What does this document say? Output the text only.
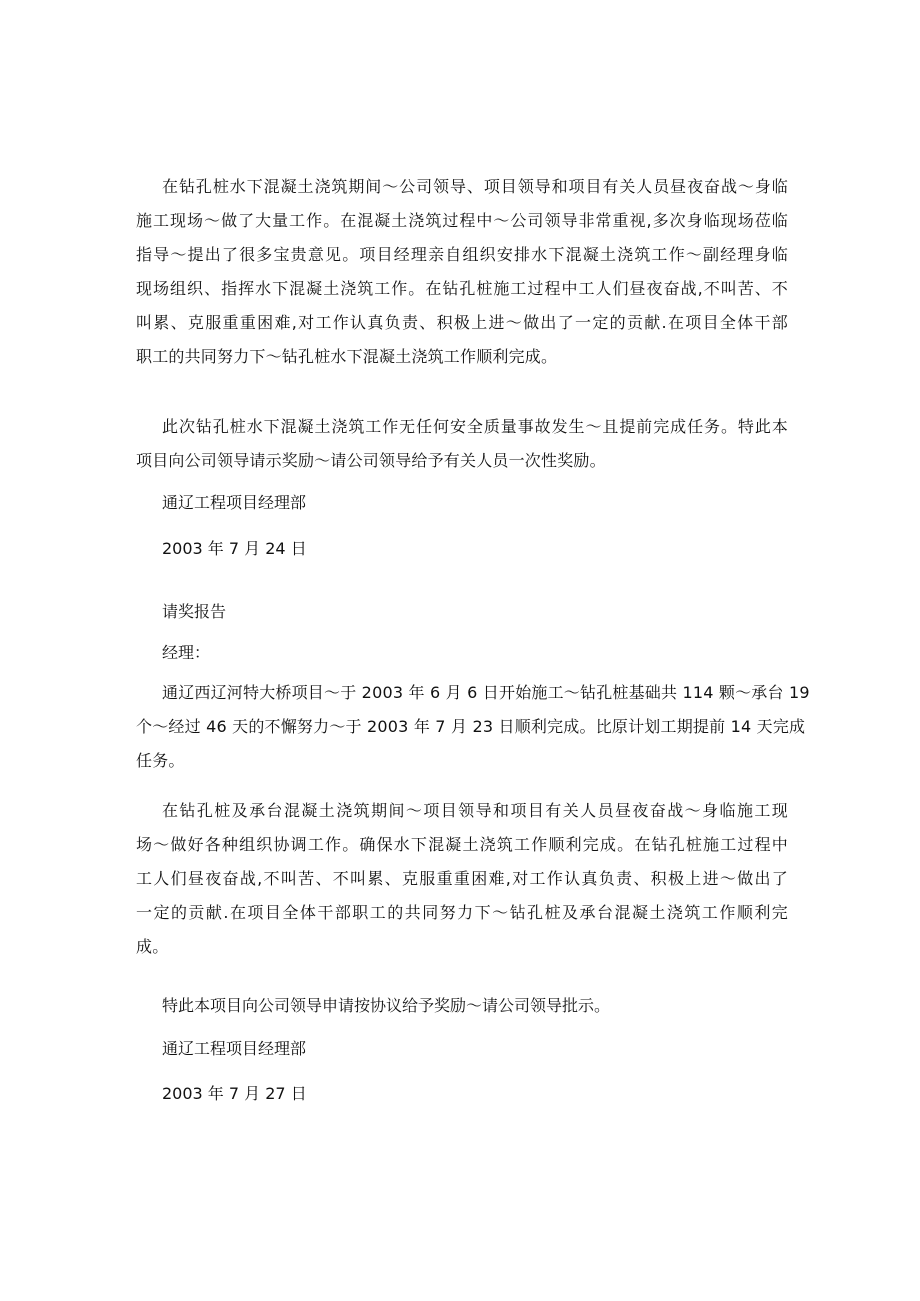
在钻孔桩水下混凝土浇筑期间～公司领导、项目领导和项目有关人员昼夜奋战～身临
施工现场～做了大量工作。在混凝土浇筑过程中～公司领导非常重视,多次身临现场莅临
指导～提出了很多宝贵意见。项目经理亲自组织安排水下混凝土浇筑工作～副经理身临
现场组织、指挥水下混凝土浇筑工作。在钻孔桩施工过程中工人们昼夜奋战,不叫苦、不
叫累、克服重重困难,对工作认真负责、积极上进～做出了一定的贡献.在项目全体干部
职工的共同努力下～钻孔桩水下混凝土浇筑工作顺利完成。
此次钻孔桩水下混凝土浇筑工作无任何安全质量事故发生～且提前完成任务。特此本
项目向公司领导请示奖励～请公司领导给予有关人员一次性奖励。

通辽工程项目经理部

2003 年 7 月 24 日

请奖报告

经理：

通辽西辽河特大桥项目～于 2003 年 6 月 6 日开始施工～钻孔桩基础共 114 颗～承台 19
个～经过 46 天的不懈努力～于 2003 年 7 月 23 日顺利完成。比原计划工期提前 14 天完成
任务。
在钻孔桩及承台混凝土浇筑期间～项目领导和项目有关人员昼夜奋战～身临施工现
场～做好各种组织协调工作。确保水下混凝土浇筑工作顺利完成。在钻孔桩施工过程中
工人们昼夜奋战,不叫苦、不叫累、克服重重困难,对工作认真负责、积极上进～做出了
一定的贡献.在项目全体干部职工的共同努力下～钻孔桩及承台混凝土浇筑工作顺利完
成。

特此本项目向公司领导申请按协议给予奖励～请公司领导批示。

通辽工程项目经理部

2003 年 7 月 27 日
